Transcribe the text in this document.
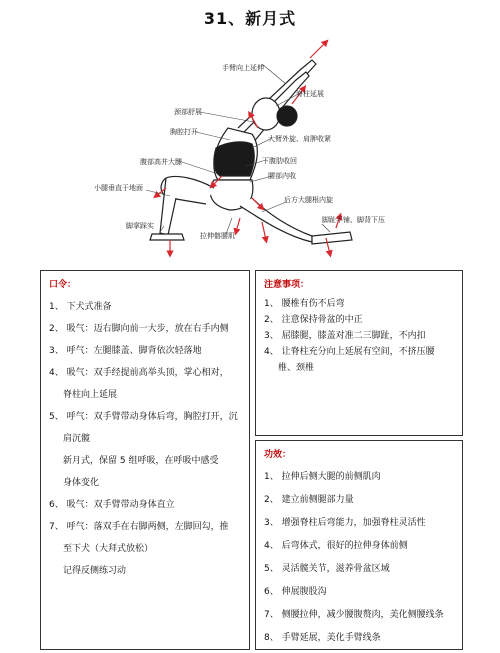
31、新月式
手臂向上延伸
脊柱延展
颈部舒展
胸腔打开
大臂外旋、肩胛收紧
下腹肋收回
腹部高并大腿
腰部内收
小腿垂直于地面
后方大腿根内旋
脚掌踩实
拉伸髂腰肌
脚趾平铺、脚背下压
口令：
1、 下犬式准备
2、 吸气：迈右脚向前一大步，放在右手内侧
3、 呼气：左腿膝盖、脚背依次轻落地
4、 吸气：双手经提前高举头顶，掌心相对，
脊柱向上延展
5、 呼气：双手臂带动身体后弯，胸腔打开，沉
肩沉髋
新月式，保留 5 组呼吸，在呼吸中感受
身体变化
6、 吸气：双手臂带动身体直立
7、 呼气：落双手在右脚两侧，左脚回勾，推
至下犬（大拜式放松）
记得反侧练习动
注意事项：
1、 腰椎有伤不后弯
2、 注意保持骨盆的中正
3、 屈膝腿，膝盖对准二三脚趾，不内扣
4、 让脊柱充分向上延展有空间，不挤压腰
椎、颈椎
功效：
1、 拉伸后侧大腿的前侧肌肉
2、 建立前侧腿部力量
3、 增强脊柱后弯能力，加强脊柱灵活性
4、 后弯体式，很好的拉伸身体前侧
5、 灵活髋关节，滋养骨盆区域
6、 伸展腹股沟
7、 侧腰拉伸，减少腰腹赘肉，美化侧腰线条
8、 手臂延展，美化手臂线条
